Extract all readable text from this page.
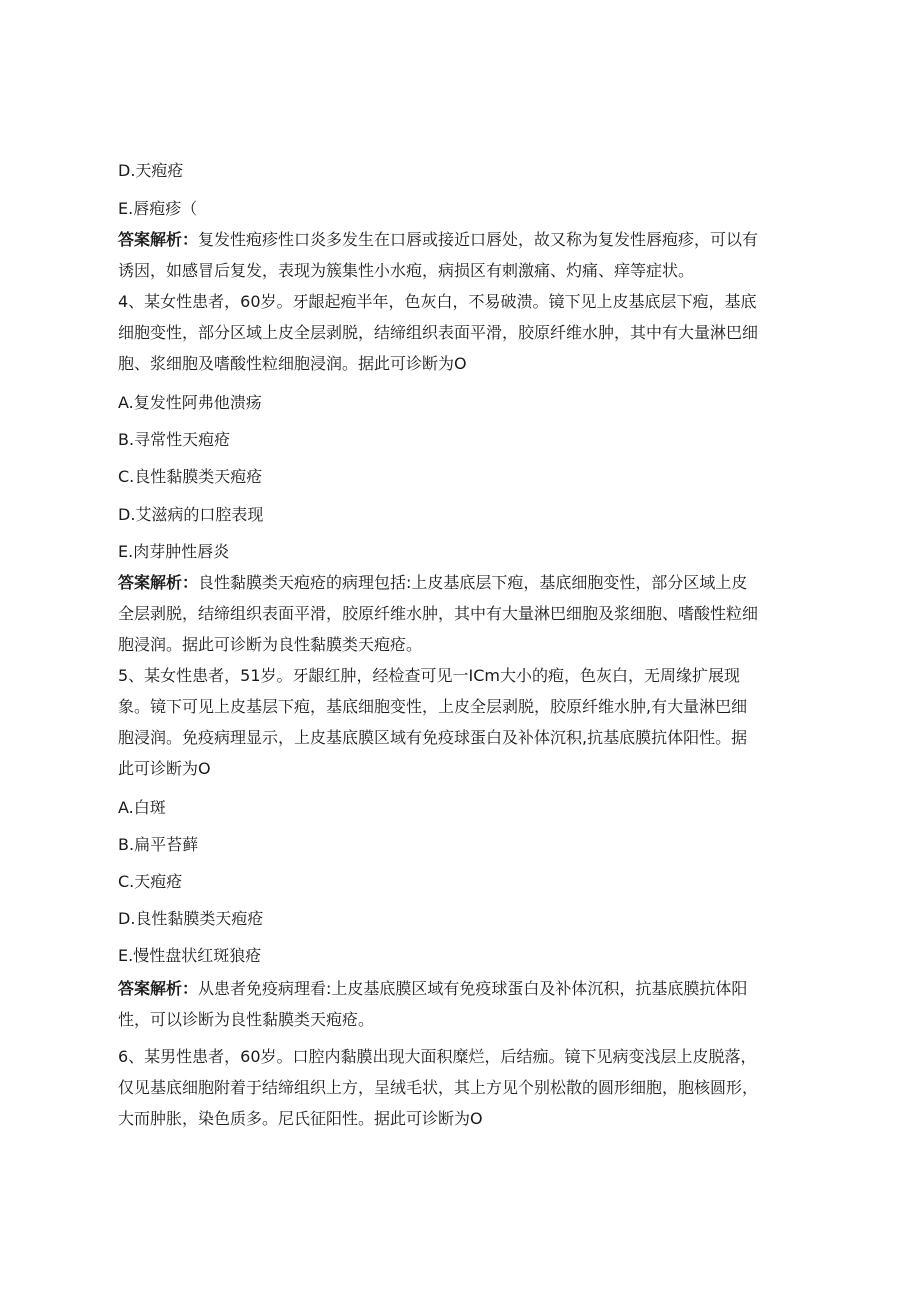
D.天疱疮
E.唇疱疹（
答案解析：复发性疱疹性口炎多发生在口唇或接近口唇处，故又称为复发性唇疱疹，可以有
诱因，如感冒后复发，表现为簇集性小水疱，病损区有刺激痛、灼痛、痒等症状。
4、某女性患者，60岁。牙龈起疱半年，色灰白，不易破溃。镜下见上皮基底层下疱，基底
细胞变性，部分区域上皮全层剥脱，结缔组织表面平滑，胶原纤维水肿，其中有大量淋巴细
胞、浆细胞及嗜酸性粒细胞浸润。据此可诊断为O
A.复发性阿弗他溃疡
B.寻常性天疱疮
C.良性黏膜类天疱疮
D.艾滋病的口腔表现
E.肉芽肿性唇炎
答案解析：良性黏膜类天疱疮的病理包括:上皮基底层下疱，基底细胞变性，部分区域上皮
全层剥脱，结缔组织表面平滑，胶原纤维水肿，其中有大量淋巴细胞及浆细胞、嗜酸性粒细
胞浸润。据此可诊断为良性黏膜类天疱疮。
5、某女性患者，51岁。牙龈红肿，经检查可见一ICm大小的疱，色灰白，无周缘扩展现
象。镜下可见上皮基层下疱，基底细胞变性，上皮全层剥脱，胶原纤维水肿,有大量淋巴细
胞浸润。免疫病理显示，上皮基底膜区域有免疫球蛋白及补体沉积,抗基底膜抗体阳性。据
此可诊断为O
A.白斑
B.扁平苔藓
C.天疱疮
D.良性黏膜类天疱疮
E.慢性盘状红斑狼疮
答案解析：从患者免疫病理看:上皮基底膜区域有免疫球蛋白及补体沉积，抗基底膜抗体阳
性，可以诊断为良性黏膜类天疱疮。
6、某男性患者，60岁。口腔内黏膜出现大面积糜烂，后结痂。镜下见病变浅层上皮脱落，
仅见基底细胞附着于结缔组织上方，呈绒毛状，其上方见个别松散的圆形细胞，胞核圆形，
大而肿胀，染色质多。尼氏征阳性。据此可诊断为O
